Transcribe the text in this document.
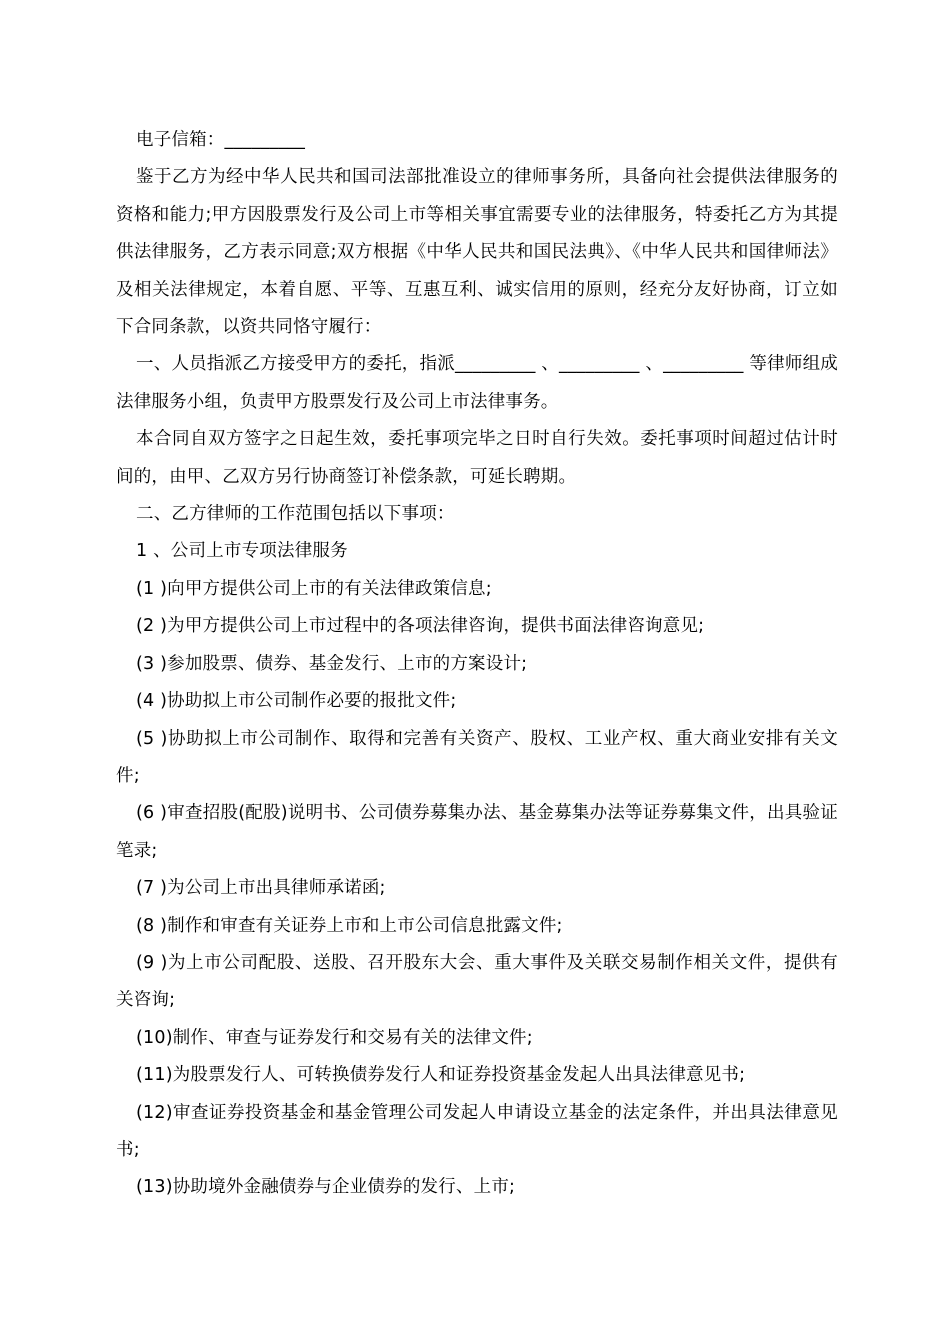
电子信箱：_________

鉴于乙方为经中华人民共和国司法部批准设立的律师事务所，具备向社会提供法律服务的资格和能力;甲方因股票发行及公司上市等相关事宜需要专业的法律服务，特委托乙方为其提供法律服务，乙方表示同意;双方根据《中华人民共和国民法典》、《中华人民共和国律师法》及相关法律规定，本着自愿、平等、互惠互利、诚实信用的原则，经充分友好协商，订立如下合同条款，以资共同恪守履行：

一、人员指派乙方接受甲方的委托，指派_________ 、_________ 、_________ 等律师组成法律服务小组，负责甲方股票发行及公司上市法律事务。

本合同自双方签字之日起生效，委托事项完毕之日时自行失效。委托事项时间超过估计时间的，由甲、乙双方另行协商签订补偿条款，可延长聘期。

二、乙方律师的工作范围包括以下事项：

1 、公司上市专项法律服务

(1 )向甲方提供公司上市的有关法律政策信息;

(2 )为甲方提供公司上市过程中的各项法律咨询，提供书面法律咨询意见;

(3 )参加股票、债券、基金发行、上市的方案设计;

(4 )协助拟上市公司制作必要的报批文件;

(5 )协助拟上市公司制作、取得和完善有关资产、股权、工业产权、重大商业安排有关文件;

(6 )审查招股(配股)说明书、公司债券募集办法、基金募集办法等证券募集文件，出具验证笔录;

(7 )为公司上市出具律师承诺函;

(8 )制作和审查有关证券上市和上市公司信息批露文件;

(9 )为上市公司配股、送股、召开股东大会、重大事件及关联交易制作相关文件，提供有关咨询;

(10)制作、审查与证券发行和交易有关的法律文件;

(11)为股票发行人、可转换债券发行人和证券投资基金发起人出具法律意见书;

(12)审查证券投资基金和基金管理公司发起人申请设立基金的法定条件，并出具法律意见书;

(13)协助境外金融债券与企业债券的发行、上市;
